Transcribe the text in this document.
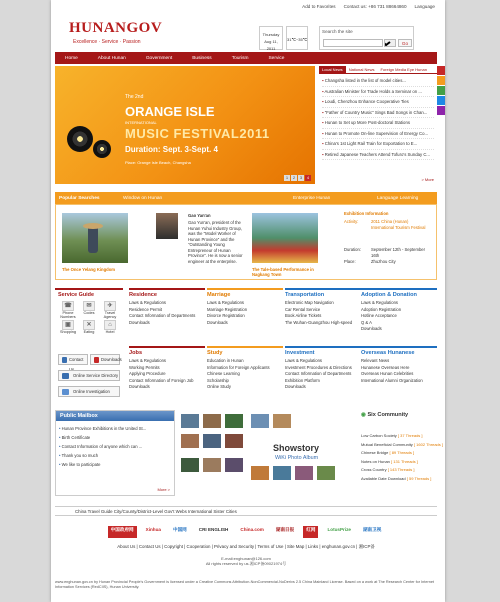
Add to Favorites Contact us: +86 731 88664860 Language
HUNANGOV
Excellence · Service · Passion
Thursday
Aug 11, 2011
31℃~35℃
Search the site
Go
Home	About Hunan	Government	Business	Tourism	Service
The 2nd
ORANGE ISLE
INTERNATIONAL
MUSIC FESTIVAL2011
Duration: Sept. 3-Sept. 4
Place: Orange Isle Beach, Changsha
1	2	3	4
Local News	National News	Foreign Media Eye Hunan
▪ Changsha listed in the list of model cities...
▪ Australian Minister for Trade Holds a Seminar on ...
▪ Loudi, Chenzhou Enhance Cooperative Ties
▪ "Father of Country Music" Sings Bad Songs in Chan...
▪ Hunan to Set up More Post-doctoral Stations
▪ Hunan to Promote On-line Supervision of Energy Co...
▪ China's 1st Light Rail Train for Exportation to E...
▪ Retired Japanese Teachers Attend Tofuro's Sunday C...
> More
Popular Searches	Window on Hunan	Enterprise Hunan	Language Learning
The Once Yelang Kingdom
Gao Yan'an

Gao Yun'an, president of the Hunan Yuhui Industry Group, was the "Model Worker of Hunan Province" and the "Outstanding Young Entrepreneur of Hunan Province". He is now a senior engineer at the enterprise.

The Tale-based Performance in Nagkang Town
Exhibition Information

Activity:	2011 China (Hunan) International Tourism Festival

Duration: September 12th - September 16th

Place:	Zhuzhou City

Service Guide
☎
Phone Numbers
✉
Codes
✈
Travel Agency
▣
Shopping
✕
Eating
⌂
Hotel
Contact	Downloads
Online Service Directory
Online Investigation
Residence
Laws & Regulations
Residence Permit
Contact Information of Departments
Downloads
Marriage
Laws & Regulations
Marriage Registration
Divorce Registration
Downloads
Transportation
Electronic Map Navigation
Car Rental Service
Book Airline Tickets
The Wuhan-Guangzhou High-speed
Adoption & Donation
Laws & Regulations
Adoption Registration
Hotline Acceptance
Q & A
Downloads
Jobs
Laws & Regulations
Working Permits
Applying Procedure
Contact Information of Foreign Job
Downloads
Study
Education in Hunan
Information for Foreign Applicants
Chinese Learning
Scholarship
Online Study
Investment
Laws & Regulations
Investment Procedures & Directions
Contact Information of Departments
Exhibition Platform
Downloads
Overseas Hunanese
Relevant News
Hunanese Overseas Here
Overseas Hunan Celebrities
International Alumni Organization
Public Mailbox
• Hunan Province Exhibitions in the United St...
• Birth Certificate
• Contact Information of anyone which can ...
• Thank you so much
• We like to participate
More >
Showstory
WiKi Photo Album
◉ Six Community
Low Carbon Society [ 37 Threads ]
Mutual Beneficial Community [ 1602 Threads ]
Chinese Bridge [ 89 Threads ]
Notes on Hunan [ 131 Threads ]
Cross Country [ 143 Threads ]
Available Date Download [ 59 Threads ]
China Travel Guide City/County/District-Level Gov't Webs International Sister Cities
中国政府网	Xinhua	中国网	CRI ENGLISH	China.com	湖南日报	红网	LotusPrize	湖南卫视
About Us | Contact Us | Copyright | Cooperation | Privacy and Security | Terms of Use | Site Map | Links | enghunan.gov.cn | 湘ICP备
E-mail:enghunan@126.com
All rights reserved by us.湘ICP备09021974号
www.enghunan.gov.cn by Hunan Provincial People's Government is licensed under a Creative Commons Attribution-NonCommercial-NoDerivs 2.5 China Mainland License. Based on a work at The Research Center for Internet Information Services (RedCIIS), Hunan University.
